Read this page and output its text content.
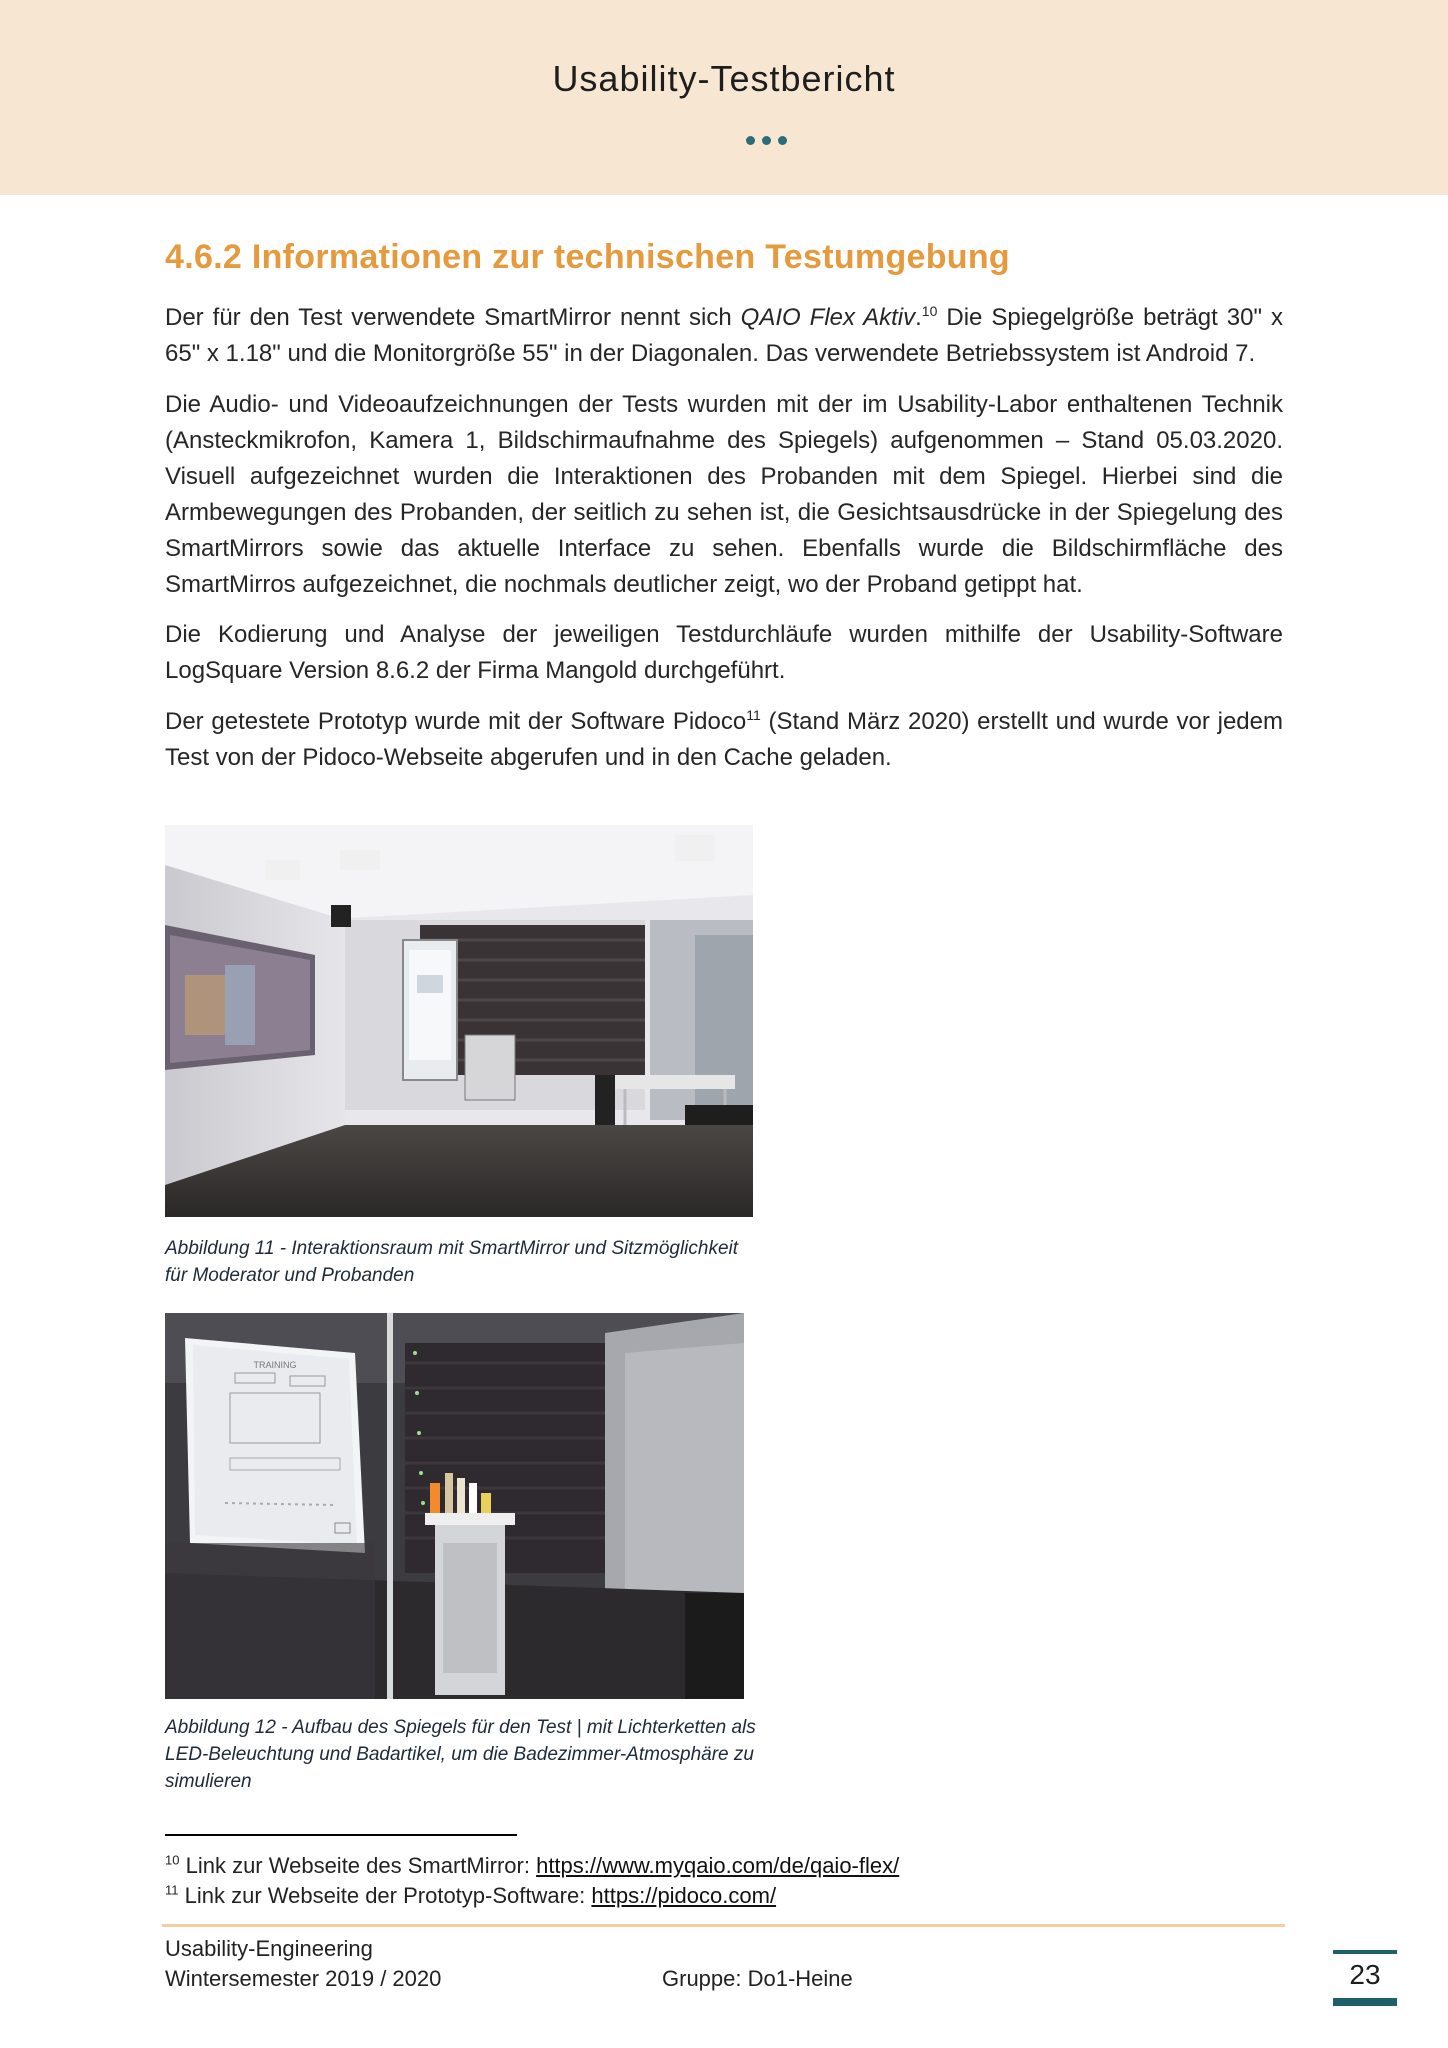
Usability-Testbericht
4.6.2 Informationen zur technischen Testumgebung

Der für den Test verwendete SmartMirror nennt sich QAIO Flex Aktiv.$^{10}$ Die Spiegelgröße beträgt 30" x 65" x 1.18" und die Monitorgröße 55" in der Diagonalen. Das verwendete Betriebssystem ist Android 7.

Die Audio- und Videoaufzeichnungen der Tests wurden mit der im Usability-Labor enthaltenen Technik (Ansteckmikrofon, Kamera 1, Bildschirmaufnahme des Spiegels) aufgenommen – Stand 05.03.2020. Visuell aufgezeichnet wurden die Interaktionen des Probanden mit dem Spiegel. Hierbei sind die Armbewegungen des Probanden, der seitlich zu sehen ist, die Gesichtsausdrücke in der Spiegelung des SmartMirrors sowie das aktuelle Interface zu sehen. Ebenfalls wurde die Bildschirmfläche des SmartMirros aufgezeichnet, die nochmals deutlicher zeigt, wo der Proband getippt hat.

Die Kodierung und Analyse der jeweiligen Testdurchläufe wurden mithilfe der Usability-Software LogSquare Version 8.6.2 der Firma Mangold durchgeführt.

Der getestete Prototyp wurde mit der Software Pidoco$^{11}$ (Stand März 2020) erstellt und wurde vor jedem Test von der Pidoco-Webseite abgerufen und in den Cache geladen.

Abbildung 11 - Interaktionsraum mit SmartMirror und Sitzmöglichkeit für Moderator und Probanden

TRAINING

Abbildung 12 - Aufbau des Spiegels für den Test | mit Lichterketten als LED-Beleuchtung und Badartikel, um die Badezimmer-Atmosphäre zu simulieren

$^{10}$ Link zur Webseite des SmartMirror: https://www.myqaio.com/de/qaio-flex/
$^{11}$ Link zur Webseite der Prototyp-Software: https://pidoco.com/
Usability-Engineering
Wintersemester 2019 / 2020	Gruppe: Do1-Heine	23
